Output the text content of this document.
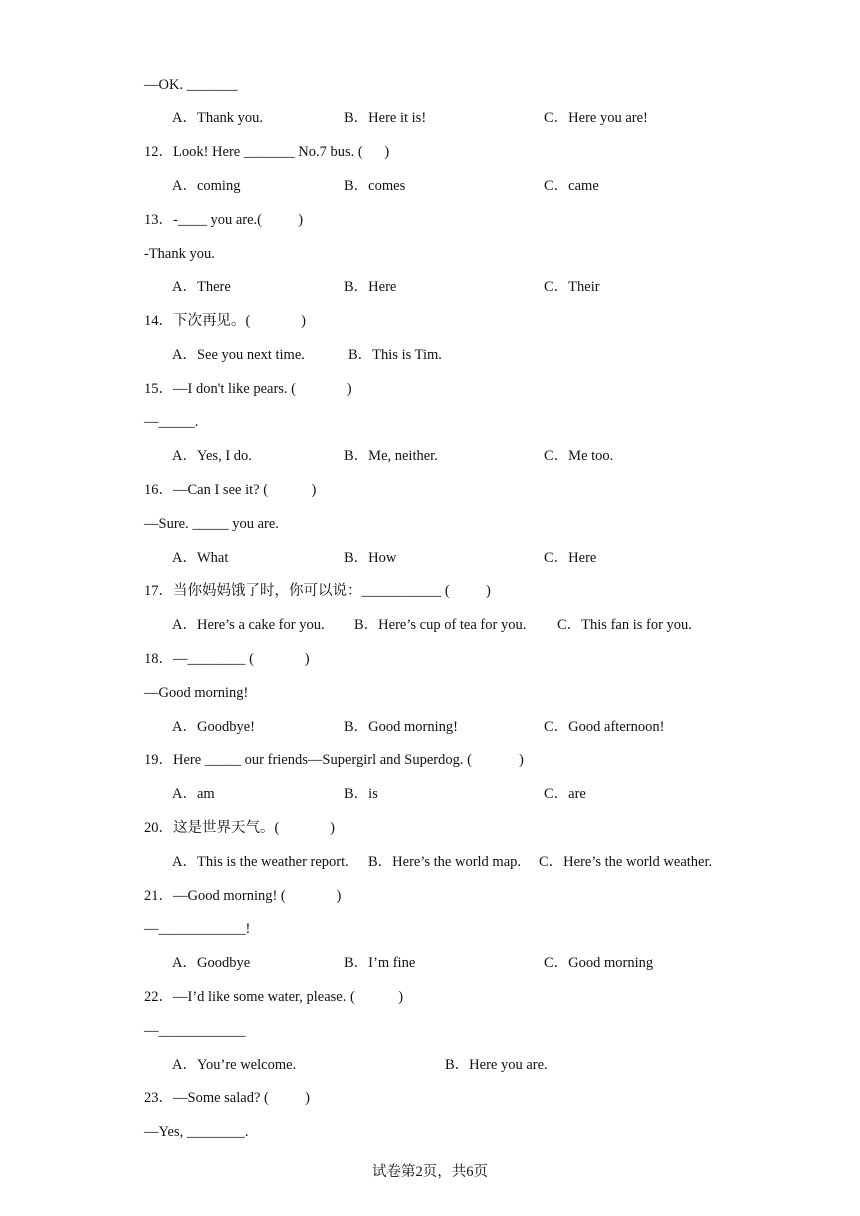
—OK. _______
A．Thank you.	B．Here it is!	C．Here you are!
12．Look! Here _______ No.7 bus. (      )
A．coming	B．comes	C．came
13．-____ you are.(          )
-Thank you.
A．There	B．Here	C．Their
14．下次再见。(              )
A．See you next time.	B．This is Tim.
15．—I don't like pears. (              )
—_____.
A．Yes, I do.	B．Me, neither.	C．Me too.
16．—Can I see it? (            )
—Sure. _____ you are.
A．What	B．How	C．Here
17．当你妈妈饿了时，你可以说：___________ (          )
A．Here’s a cake for you. B．Here’s cup of tea for you. C．This fan is for you.
18．—________ (              )
—Good morning!
A．Goodbye!	B．Good morning!	C．Good afternoon!
19．Here _____ our friends—Supergirl and Superdog. (             )
A．am	B．is	C．are
20．这是世界天气。(              )
A．This is the weather report. B．Here’s the world map. C．Here’s the world weather.
21．—Good morning! (              )
—____________!
A．Goodbye	B．I’m fine	C．Good morning
22．—I’d like some water, please. (            )
—____________
A．You’re welcome.	B．Here you are.
23．—Some salad? (          )
—Yes, ________.
试卷第2页，共6页
